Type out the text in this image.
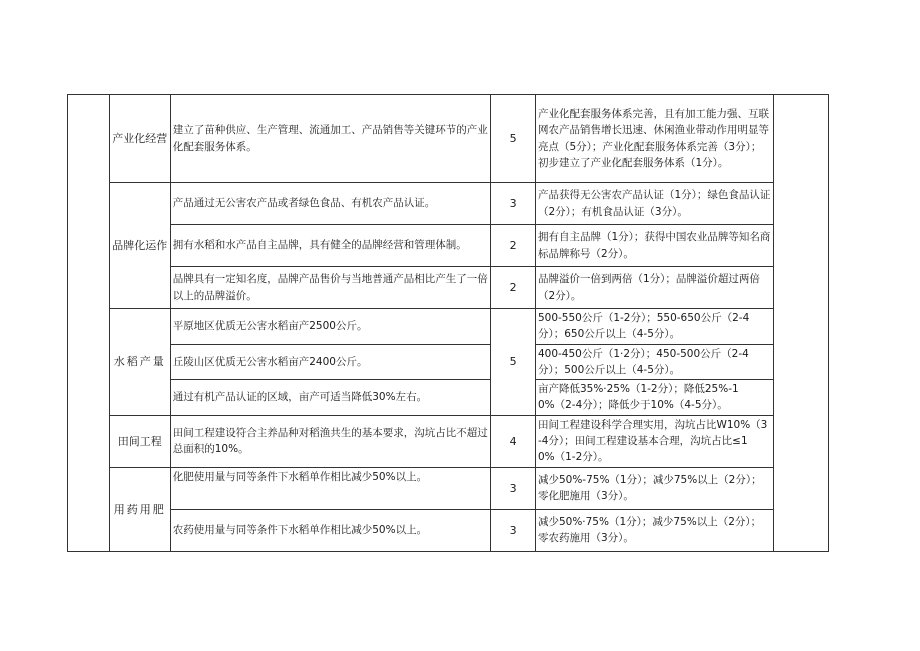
	产业化经营	建立了苗种供应、生产管理、流通加工、产品销售等关键环节的产业化配套服务体系。	5	产业化配套服务体系完善，且有加工能力强、互联网农产品销售增长迅速、休闲渔业带动作用明显等亮点（5分）；产业化配套服务体系完善（3分）；初步建立了产业化配套服务体系（1分）。	

	品牌化运作	产品通过无公害农产品或者绿色食品、有机农产品认证。	3	产品获得无公害农产品认证（1分）；绿色食品认证（2分）；有机食品认证（3分）。	
		拥有水稻和水产品自主品牌，具有健全的品牌经营和管理体制。	2	拥有自主品牌（1分）；获得中国农业品牌等知名商标品牌称号（2分）。	
		品牌具有一定知名度，品牌产品售价与当地普通产品相比产生了一倍以上的品牌溢价。	2	品牌溢价一倍到两倍（1分）；品牌溢价超过两倍（2分）。	

	水稻产量	平原地区优质无公害水稻亩产2500公斤。	5	500-550公斤（1-2分）；550-650公斤（2-4分）；650公斤以上（4-5分）。	
		丘陵山区优质无公害水稻亩产2400公斤。		400-450公斤（1·2分）；450-500公斤（2-4分）；500公斤以上（4-5分）。	
		通过有机产品认证的区域，亩产可适当降低30%左右。		亩产降低35%·25%（1-2分）；降低25%-10%（2-4分）；降低少于10%（4-5分）。	

	田间工程	田间工程建设符合主养品种对稻渔共生的基本要求，沟坑占比不超过总面积的10%。	4	田间工程建设科学合理实用，沟坑占比W10%（3-4分）；田间工程建设基本合理，沟坑占比≤10%（1-2分）。	

	用药用肥	化肥使用量与同等条件下水稻单作相比减少50%以上。	3	减少50%-75%（1分）；减少75%以上（2分）；零化肥施用（3分）。	
		农药使用量与同等条件下水稻单作相比减少50%以上。	3	减少50%·75%（1分）；减少75%以上（2分）；零农药施用（3分）。	
